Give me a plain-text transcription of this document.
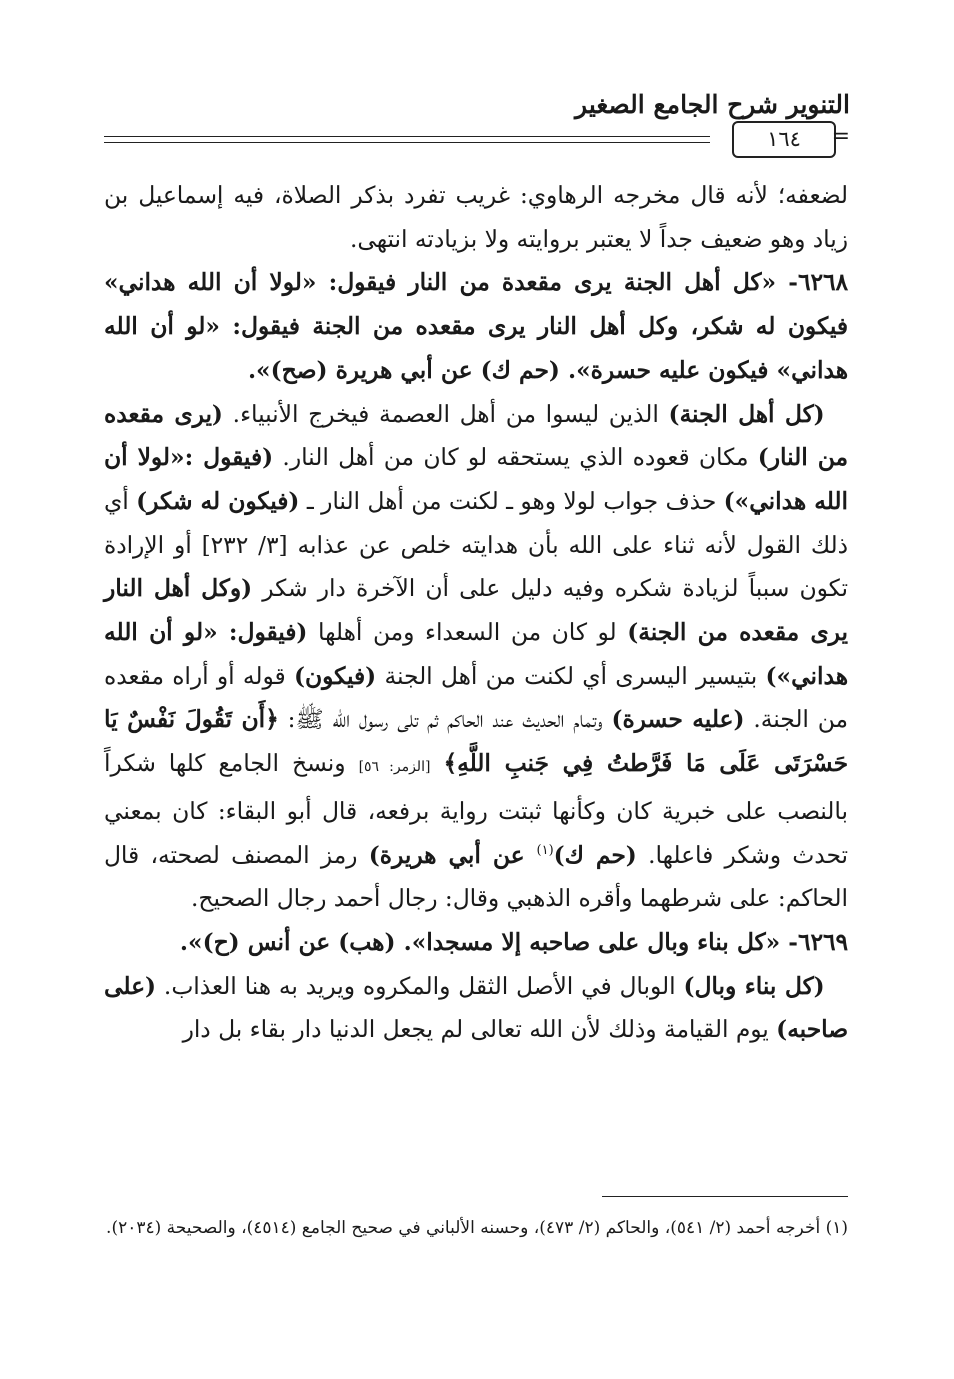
التنوير شرح الجامع الصغير
١٦٤	=

لضعفه؛ لأنه قال مخرجه الرهاوي: غريب تفرد بذكر الصلاة، فيه إسماعيل بن زياد وهو ضعيف جداً لا يعتبر بروايته ولا بزيادته انتهى.

٦٢٦٨- «كل أهل الجنة يرى مقعدة من النار فيقول: «لولا أن الله هداني» فيكون له شكر، وكل أهل النار يرى مقعده من الجنة فيقول: «لو أن الله هداني» فيكون عليه حسرة». (حم ك) عن أبي هريرة (صح)».

 (كل أهل الجنة) الذين ليسوا من أهل العصمة فيخرج الأنبياء. (يرى مقعده من النار) مكان قعوده الذي يستحقه لو كان من أهل النار. (فيقول :«لولا أن الله هداني») حذف جواب لولا وهو ـ لكنت من أهل النار ـ (فيكون له شكر) أي ذلك القول لأنه ثناء على الله بأن هدايته خلص عن عذابه [٣/ ٢٣٢] أو الإرادة تكون سبباً لزيادة شكره وفيه دليل على أن الآخرة دار شكر (وكل أهل النار يرى مقعده من الجنة) لو كان من السعداء ومن أهلها (فيقول: «لو أن الله هداني») بتيسير اليسرى أي لكنت من أهل الجنة (فيكون) قوله أو أراه مقعده من الجنة. (عليه حسرة) وتمام الحديث عند الحاكم ثم تلى رسول الله ﷺ: ﴿أَن تَقُولَ نَفْسٌ يَا حَسْرَتَى عَلَى مَا فَرَّطتُ فِي جَنبِ اللَّهِ﴾ [الزمر: ٥٦] ونسخ الجامع كلها شكراً بالنصب على خبرية كان وكأنها ثبتت رواية برفعه، قال أبو البقاء: كان بمعني تحدث وشكر فاعلها. (حم ك)$^{(١)}$ عن أبي هريرة) رمز المصنف لصحته، قال الحاكم: على شرطهما وأقره الذهبي وقال: رجال أحمد رجال الصحيح.

٦٢٦٩- «كل بناء وبال على صاحبه إلا مسجدا». (هب) عن أنس (ح)».

 (كل بناء وبال) الوبال في الأصل الثقل والمكروه ويريد به هنا العذاب. (على صاحبه) يوم القيامة وذلك لأن الله تعالى لم يجعل الدنيا دار بقاء بل دار

(١) أخرجه أحمد (٢/ ٥٤١)، والحاكم (٢/ ٤٧٣)، وحسنه الألباني في صحيح الجامع (٤٥١٤)، والصحيحة (٢٠٣٤).
